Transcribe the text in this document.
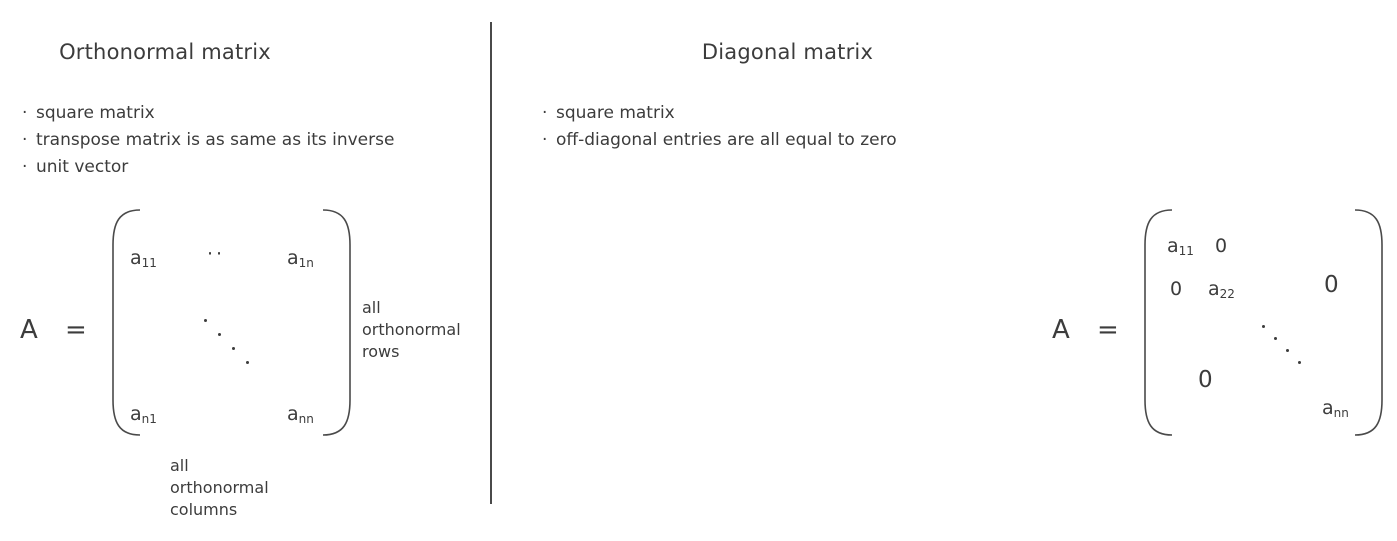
Orthonormal matrix
· square matrix
· transpose matrix is as same as its inverse
· unit vector
A =
$a_{11}$	··	$a_{1n}$
$a_{n1}$	$a_{nn}$
all
orthonormal
rows
all
orthonormal
columns
Diagonal matrix
· square matrix
· off-diagonal entries are all equal to zero
A =
$a_{11}$ 0
0 $a_{22}$	0
0
$a_{nn}$
